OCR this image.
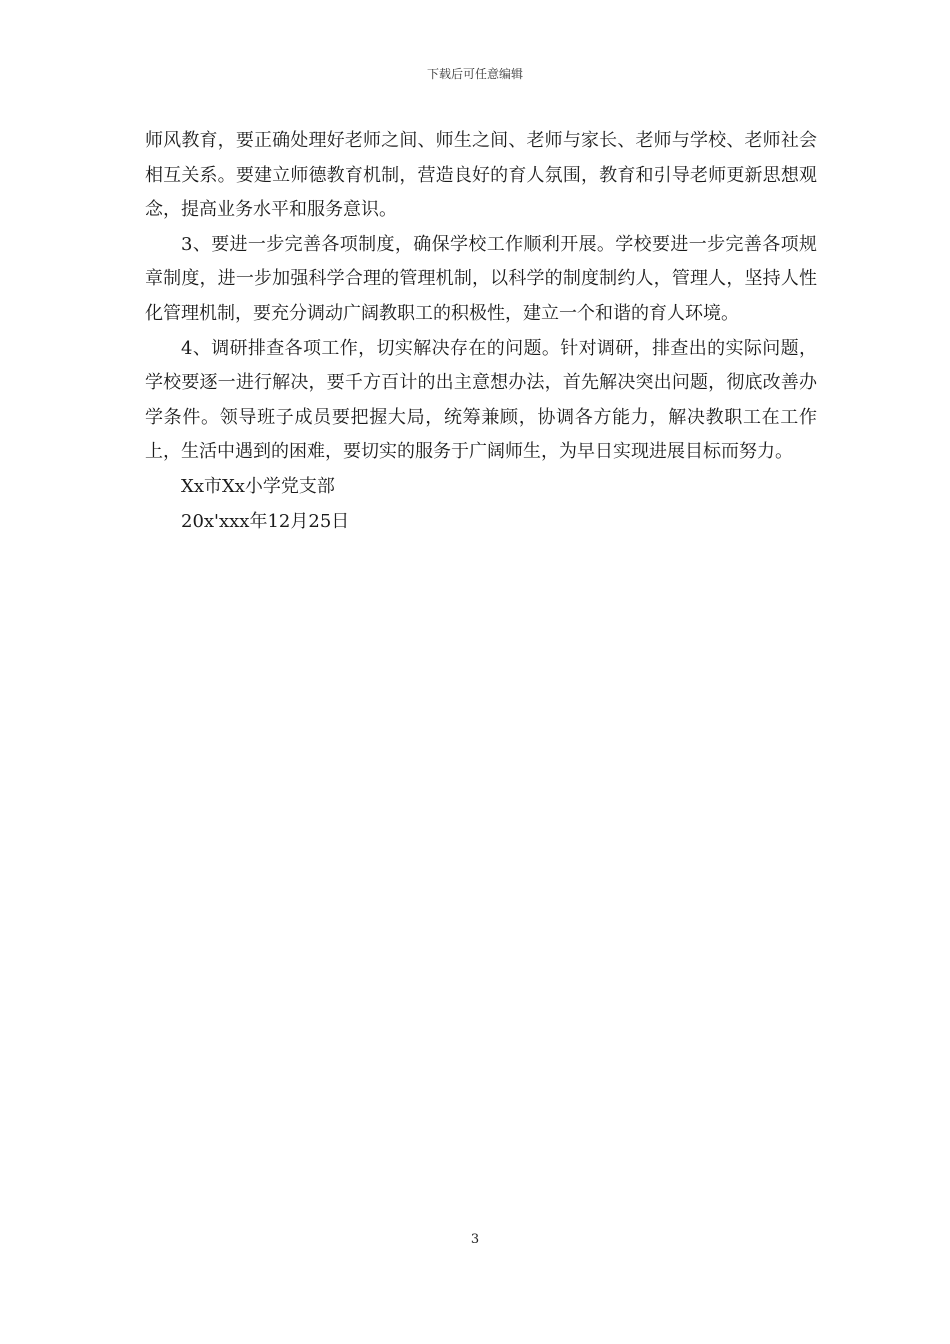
下载后可任意编辑

师风教育，要正确处理好老师之间、师生之间、老师与家长、老师与学校、老师社会相互关系。要建立师德教育机制，营造良好的育人氛围，教育和引导老师更新思想观念，提高业务水平和服务意识。

3、要进一步完善各项制度，确保学校工作顺利开展。学校要进一步完善各项规章制度，进一步加强科学合理的管理机制，以科学的制度制约人，管理人，坚持人性化管理机制，要充分调动广阔教职工的积极性，建立一个和谐的育人环境。

4、调研排查各项工作，切实解决存在的问题。针对调研，排查出的实际问题，学校要逐一进行解决，要千方百计的出主意想办法，首先解决突出问题，彻底改善办学条件。领导班子成员要把握大局，统筹兼顾，协调各方能力，解决教职工在工作上，生活中遇到的困难，要切实的服务于广阔师生，为早日实现进展目标而努力。

Xx市Xx小学党支部

20x'xxx年12月25日

3
